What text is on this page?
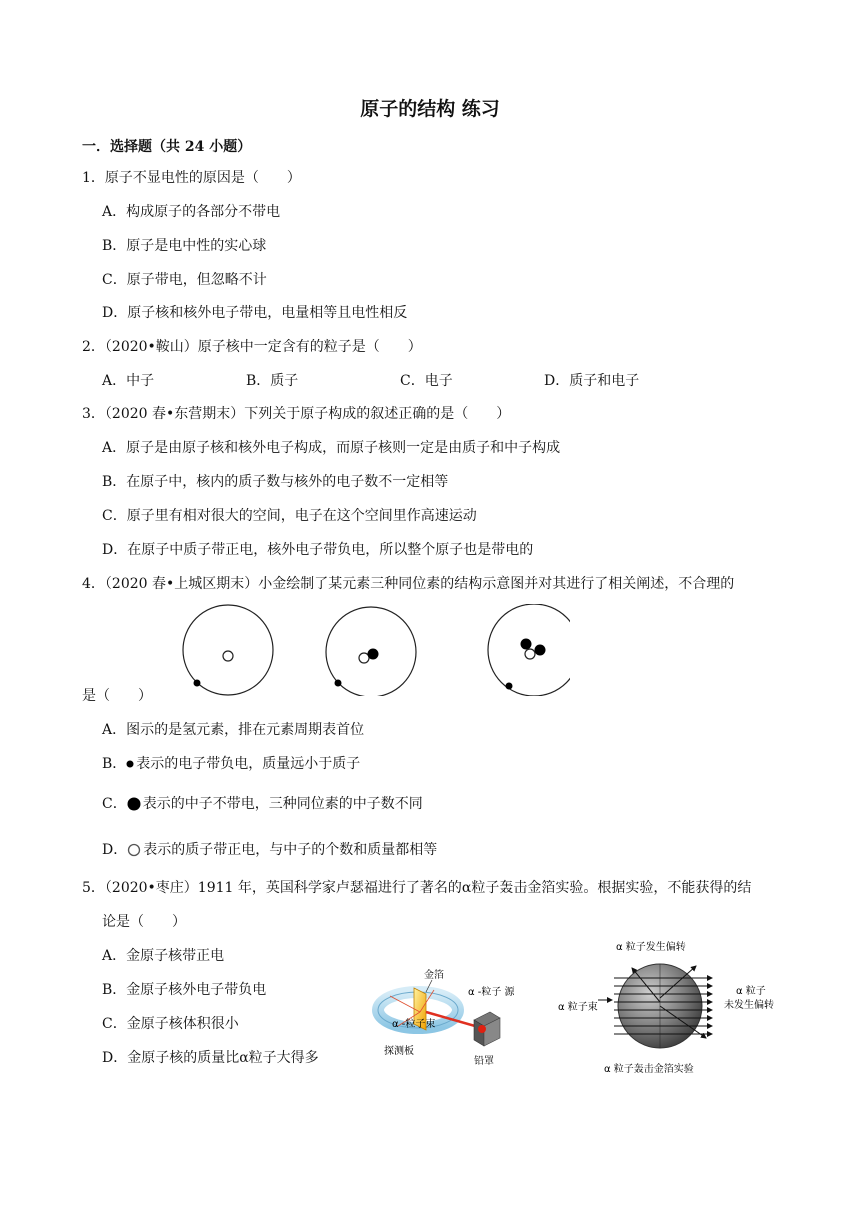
原子的结构 练习
一．选择题（共 24 小题）
1．原子不显电性的原因是（　　）
A．构成原子的各部分不带电
B．原子是电中性的实心球
C．原子带电，但忽略不计
D．原子核和核外电子带电，电量相等且电性相反
2．（2020•鞍山）原子核中一定含有的粒子是（　　）
A．中子	B．质子	C．电子	D．质子和电子
3．（2020 春•东营期末）下列关于原子构成的叙述正确的是（　　）
A．原子是由原子核和核外电子构成，而原子核则一定是由质子和中子构成
B．在原子中，核内的质子数与核外的电子数不一定相等
C．原子里有相对很大的空间，电子在这个空间里作高速运动
D．在原子中质子带正电，核外电子带负电，所以整个原子也是带电的
4．（2020 春•上城区期末）小金绘制了某元素三种同位素的结构示意图并对其进行了相关阐述，不合理的
是（　　）
A．图示的是氢元素，排在元素周期表首位
B． 表示的电子带负电，质量远小于质子
C． 表示的中子不带电，三种同位素的中子数不同
D． 表示的质子带正电，与中子的个数和质量都相等
5．（2020•枣庄）1911 年，英国科学家卢瑟福进行了著名的α粒子轰击金箔实验。根据实验，不能获得的结
论是（　　）
A．金原子核带正电
B．金原子核外电子带负电
C．金原子核体积很小
D．金原子核的质量比α粒子大得多
金箔
α -粒子 源
α -粒子束
探测板
铅罩
α 粒子发生偏转
α 粒子束
α 粒子
未发生偏转
α 粒子轰击金箔实验
